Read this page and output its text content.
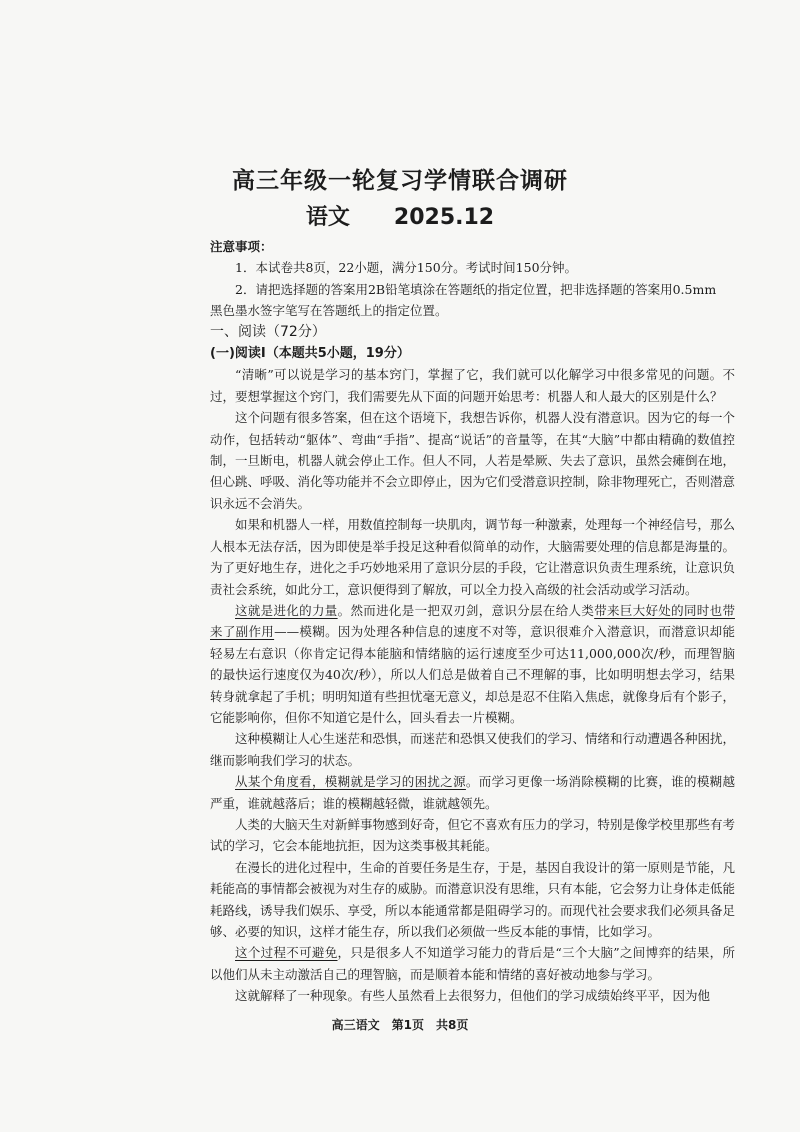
高三年级一轮复习学情联合调研
语文 2025.12

注意事项：

1．本试卷共8页，22小题，满分150分。考试时间150分钟。

2．请把选择题的答案用2B铅笔填涂在答题纸的指定位置，把非选择题的答案用0.5mm

黑色墨水签字笔写在答题纸上的指定位置。

一、阅读（72分）

(一)阅读Ⅰ（本题共5小题，19分）

“清晰”可以说是学习的基本窍门，掌握了它，我们就可以化解学习中很多常见的问题。不过，要想掌握这个窍门，我们需要先从下面的问题开始思考：机器人和人最大的区别是什么？

这个问题有很多答案，但在这个语境下，我想告诉你，机器人没有潜意识。因为它的每一个动作，包括转动“躯体”、弯曲“手指”、提高“说话”的音量等，在其“大脑”中都由精确的数值控制，一旦断电，机器人就会停止工作。但人不同，人若是晕厥、失去了意识，虽然会瘫倒在地，但心跳、呼吸、消化等功能并不会立即停止，因为它们受潜意识控制，除非物理死亡，否则潜意识永远不会消失。

如果和机器人一样，用数值控制每一块肌肉，调节每一种激素，处理每一个神经信号，那么人根本无法存活，因为即使是举手投足这种看似简单的动作，大脑需要处理的信息都是海量的。为了更好地生存，进化之手巧妙地采用了意识分层的手段，它让潜意识负责生理系统，让意识负责社会系统，如此分工，意识便得到了解放，可以全力投入高级的社会活动或学习活动。

这就是进化的力量。然而进化是一把双刃剑，意识分层在给人类带来巨大好处的同时也带来了副作用——模糊。因为处理各种信息的速度不对等，意识很难介入潜意识，而潜意识却能轻易左右意识（你肯定记得本能脑和情绪脑的运行速度至少可达11,000,000次/秒，而理智脑的最快运行速度仅为40次/秒），所以人们总是做着自己不理解的事，比如明明想去学习，结果转身就拿起了手机；明明知道有些担忧毫无意义，却总是忍不住陷入焦虑，就像身后有个影子，它能影响你，但你不知道它是什么，回头看去一片模糊。

这种模糊让人心生迷茫和恐惧，而迷茫和恐惧又使我们的学习、情绪和行动遭遇各种困扰，继而影响我们学习的状态。

从某个角度看，模糊就是学习的困扰之源。而学习更像一场消除模糊的比赛，谁的模糊越严重，谁就越落后；谁的模糊越轻微，谁就越领先。

人类的大脑天生对新鲜事物感到好奇，但它不喜欢有压力的学习，特别是像学校里那些有考试的学习，它会本能地抗拒，因为这类事极其耗能。

在漫长的进化过程中，生命的首要任务是生存，于是，基因自我设计的第一原则是节能，凡耗能高的事情都会被视为对生存的威胁。而潜意识没有思维，只有本能，它会努力让身体走低能耗路线，诱导我们娱乐、享受，所以本能通常都是阻碍学习的。而现代社会要求我们必须具备足够、必要的知识，这样才能生存，所以我们必须做一些反本能的事情，比如学习。

这个过程不可避免，只是很多人不知道学习能力的背后是“三个大脑”之间博弈的结果，所以他们从未主动激活自己的理智脑，而是顺着本能和情绪的喜好被动地参与学习。

这就解释了一种现象。有些人虽然看上去很努力，但他们的学习成绩始终平平，因为他

高三语文　第1页　共8页
